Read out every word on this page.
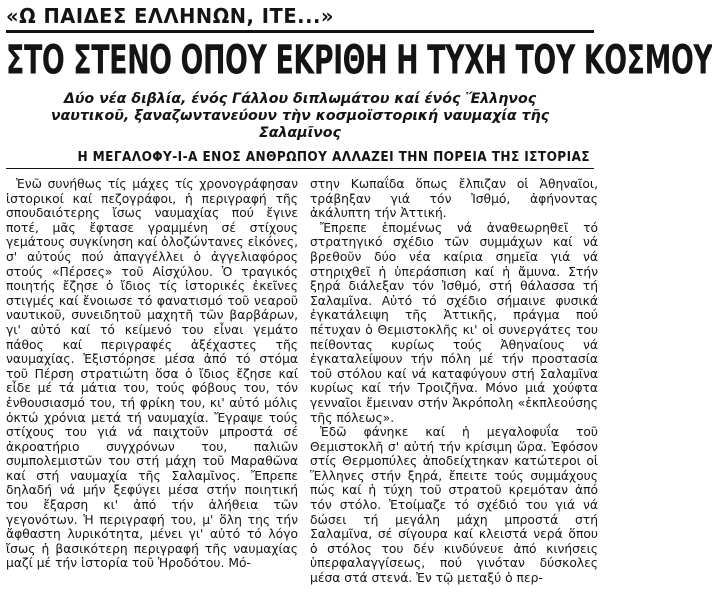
«Ω ΠΑΙΔΕΣ ΕΛΛΗΝΩΝ, ΙΤΕ...»
ΣΤΟ ΣΤΕΝΟ ΟΠΟΥ ΕΚΡΙΘΗ Η ΤΥΧΗ ΤΟΥ ΚΟΣΜΟΥ
Δύο νέα διβλία, ένός Γάλλου διπλωμάτου καί ένός Ἕλληνος ναυτικοῦ, ξαναζωντανεύουν τὴν κοσμοϊστορική ναυμαχία τῆς Σαλαμῖνος
Η ΜΕΓΑΛΟΦΥ-Ι-Α ΕΝΟΣ ΑΝΘΡΩΠΟΥ ΑΛΛΑΖΕΙ ΤΗΝ ΠΟΡΕΙΑ ΤΗΣ ΙΣΤΟΡΙΑΣ

Ἐνῶ συνήθως τίς μάχες τίς χρονογράφησαν ἱστορικοί καί πεζογράφοι, ἡ περιγραφή τῆς σπουδαιότερης ἴσως ναυμαχίας πού ἔγινε ποτέ, μᾶς ἔφτασε γραμμένη σέ στίχους γεμάτους συγκίνηση καί ὁλοζώντανες εἰκόνες, σ' αὐτούς πού ἀπαγγέλλει ὁ ἀγγελιαφόρος στούς «Πέρσες» τοῦ Αἰσχύλου. Ὁ τραγικός ποιητής ἔζησε ὁ ἴδιος τίς ἱστορικές ἐκεῖνες στιγμές καί ἔνοιωσε τό φανατισμό τοῦ νεαροῦ ναυτικοῦ, συνειδητοῦ μαχητῆ τῶν βαρβάρων, γι' αὐτό καί τό κείμενό του εἶναι γεμάτο πάθος καί περιγραφές ἀξέχαστες τῆς ναυμαχίας. Ἐξιστόρησε μέσα ἀπό τό στόμα τοῦ Πέρση στρατιώτη ὅσα ὁ ἴδιος ἔζησε καί εἶδε μέ τά μάτια του, τούς φόβους του, τόν ἐνθουσιασμό του, τή φρίκη του, κι' αὐτό μόλις ὀκτώ χρόνια μετά τή ναυμαχία. Ἔγραψε τούς στίχους του γιά νά παιχτοῦν μπροστά σέ ἀκροατήριο συγχρόνων του, παλιῶν συμπολεμιστῶν του στή μάχη τοῦ Μαραθῶνα καί στή ναυμαχία τῆς Σαλαμῖνος. Ἔπρεπε δηλαδή νά μήν ξεφύγει μέσα στήν ποιητική του ἔξαρση κι' ἀπό τήν ἀλήθεια τῶν γεγονότων. Ἡ περιγραφή του, μ' ὅλη της τήν ἄφθαστη λυρικότητα, μένει γι' αὐτό τό λόγο ἴσως ἡ βασικότερη περιγραφή τῆς ναυμαχίας μαζί μέ τήν ἱστορία τοῦ Ἡροδότου. Μό-

στην Κωπαΐδα ὅπως ἔλπιζαν οἱ Ἀθηναῖοι, τράβηξαν γιά τόν Ἰσθμό, ἀφήνοντας ἀκάλυπτη τήν Ἀττική.

Ἔπρεπε ἑπομένως νά ἀναθεωρηθεῖ τό στρατηγικό σχέδιο τῶν συμμάχων καί νά βρεθοῦν δύο νέα καίρια σημεῖα γιά νά στηριχθεῖ ἡ ὑπεράσπιση καί ἡ ἄμυνα. Στήν ξηρά διάλεξαν τόν Ἰσθμό, στή θάλασσα τή Σαλαμῖνα. Αὐτό τό σχέδιο σήμαινε φυσικά ἐγκατάλειψη τῆς Ἀττικῆς, πράγμα πού πέτυχαν ὁ Θεμιστοκλῆς κι' οἱ συνεργάτες του πείθοντας κυρίως τούς Ἀθηναίους νά ἐγκαταλείψουν τήν πόλη μέ τήν προστασία τοῦ στόλου καί νά καταφύγουν στή Σαλαμῖνα κυρίως καί τήν Τροιζῆνα. Μόνο μιά χούφτα γενναῖοι ἔμειναν στήν Ἀκρόπολη «ἐκπλεούσης τῆς πόλεως».

Ἐδῶ φάνηκε καί ἡ μεγαλοφυΐα τοῦ Θεμιστοκλῆ σ' αὐτή τήν κρίσιμη ὥρα. Ἐφόσον στίς Θερμοπύλες ἀποδείχτηκαν κατώτεροι οἱ Ἕλληνες στήν ξηρά, ἔπειτε τούς συμμάχους πώς καί ἡ τύχη τοῦ στρατοῦ κρεμόταν ἀπό τόν στόλο. Ἑτοίμαζε τό σχέδιό του γιά νά δώσει τή μεγάλη μάχη μπροστά στή Σαλαμῖνα, σέ σίγουρα καί κλειστά νερά ὅπου ὁ στόλος του δέν κινδύνευε ἀπό κινήσεις ὑπερφαλαγγίσεως, πού γινόταν δύσκολες μέσα στά στενά. Ἐν τῷ μεταξύ ὁ περ-
